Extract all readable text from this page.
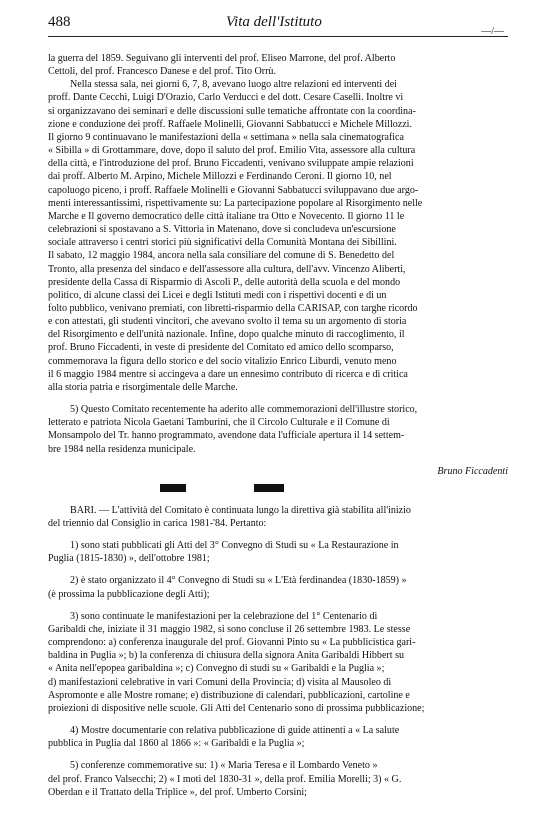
488	Vita dell'Istituto
—/—

la guerra del 1859. Seguivano gli interventi del prof. Eliseo Marrone, del prof. Alberto

Cettoli, del prof. Francesco Danese e del prof. Tito Orrù.

Nella stessa sala, nei giorni 6, 7, 8, avevano luogo altre relazioni ed interventi dei

proff. Dante Cecchi, Luigi D'Orazio, Carlo Verducci e del dott. Cesare Caselli. Inoltre vi

si organizzavano dei seminari e delle discussioni sulle tematiche affrontate con la coordina-

zione e conduzione dei proff. Raffaele Molinelli, Giovanni Sabbatucci e Michele Millozzi.

Il giorno 9 continuavano le manifestazioni della « settimana » nella sala cinematografica

« Sibilla » di Grottammare, dove, dopo il saluto del prof. Emilio Vita, assessore alla cultura

della città, e l'introduzione del prof. Bruno Ficcadenti, venivano sviluppate ampie relazioni

dai proff. Alberto M. Arpino, Michele Millozzi e Ferdinando Ceroni. Il giorno 10, nel

capoluogo piceno, i proff. Raffaele Molinelli e Giovanni Sabbatucci sviluppavano due argo-

menti interessantissimi, rispettivamente su: La partecipazione popolare al Risorgimento nelle

Marche e Il governo democratico delle città italiane tra Otto e Novecento. Il giorno 11 le

celebrazioni si spostavano a S. Vittoria in Matenano, dove si concludeva un'escursione

sociale attraverso i centri storici più significativi della Comunità Montana dei Sibillini.

Il sabato, 12 maggio 1984, ancora nella sala consiliare del comune di S. Benedetto del

Tronto, alla presenza del sindaco e dell'assessore alla cultura, dell'avv. Vincenzo Aliberti,

presidente della Cassa di Risparmio di Ascoli P., delle autorità della scuola e del mondo

politico, di alcune classi dei Licei e degli Istituti medi con i rispettivi docenti e di un

folto pubblico, venivano premiati, con libretti-risparmio della CARISAP, con targhe ricordo

e con attestati, gli studenti vincitori, che avevano svolto il tema su un argomento di storia

del Risorgimento e dell'unità nazionale. Infine, dopo qualche minuto di raccoglimento, il

prof. Bruno Ficcadenti, in veste di presidente del Comitato ed amico dello scomparso,

commemorava la figura dello storico e del socio vitalizio Enrico Liburdi, venuto meno

il 6 maggio 1984 mentre si accingeva a dare un ennesimo contributo di ricerca e di critica

alla storia patria e risorgimentale delle Marche.

5) Questo Comitato recentemente ha aderito alle commemorazioni dell'illustre storico,

letterato e patriota Nicola Gaetani Tamburini, che il Circolo Culturale e il Comune di

Monsampolo del Tr. hanno programmato, avendone data l'ufficiale apertura il 14 settem-

bre 1984 nella residenza municipale.

Bruno Ficcadenti

BARI. — L'attività del Comitato è continuata lungo la direttiva già stabilita all'inizio

del triennio dal Consiglio in carica 1981-'84. Pertanto:

1) sono stati pubblicati gli Atti del 3° Convegno di Studi su « La Restaurazione in

Puglia (1815-1830) », dell'ottobre 1981;

2) è stato organizzato il 4° Convegno di Studi su « L'Età ferdinandea (1830-1859) »

(è prossima la pubblicazione degli Atti);

3) sono continuate le manifestazioni per la celebrazione del 1° Centenario di

Garibaldi che, iniziate il 31 maggio 1982, si sono concluse il 26 settembre 1983. Le stesse

comprendono: a) conferenza inaugurale del prof. Giovanni Pinto su « La pubblicistica gari-

baldina in Puglia »; b) la conferenza di chiusura della signora Anita Garibaldi Hibbert su

« Anita nell'epopea garibaldina »; c) Convegno di studi su « Garibaldi e la Puglia »;

d) manifestazioni celebrative in vari Comuni della Provincia; d) visita al Mausoleo di

Aspromonte e alle Mostre romane; e) distribuzione di calendari, pubblicazioni, cartoline e

proiezioni di dispositive nelle scuole. Gli Atti del Centenario sono di prossima pubblicazione;

4) Mostre documentarie con relativa pubblicazione di guide attinenti a « La salute

pubblica in Puglia dal 1860 al 1866 »: « Garibaldi e la Puglia »;

5) conferenze commemorative su: 1) « Maria Teresa e il Lombardo Veneto »

del prof. Franco Valsecchi; 2) « I moti del 1830-31 », della prof. Emilia Morelli; 3) « G.

Oberdan e il Trattato della Triplice », del prof. Umberto Corsini;
